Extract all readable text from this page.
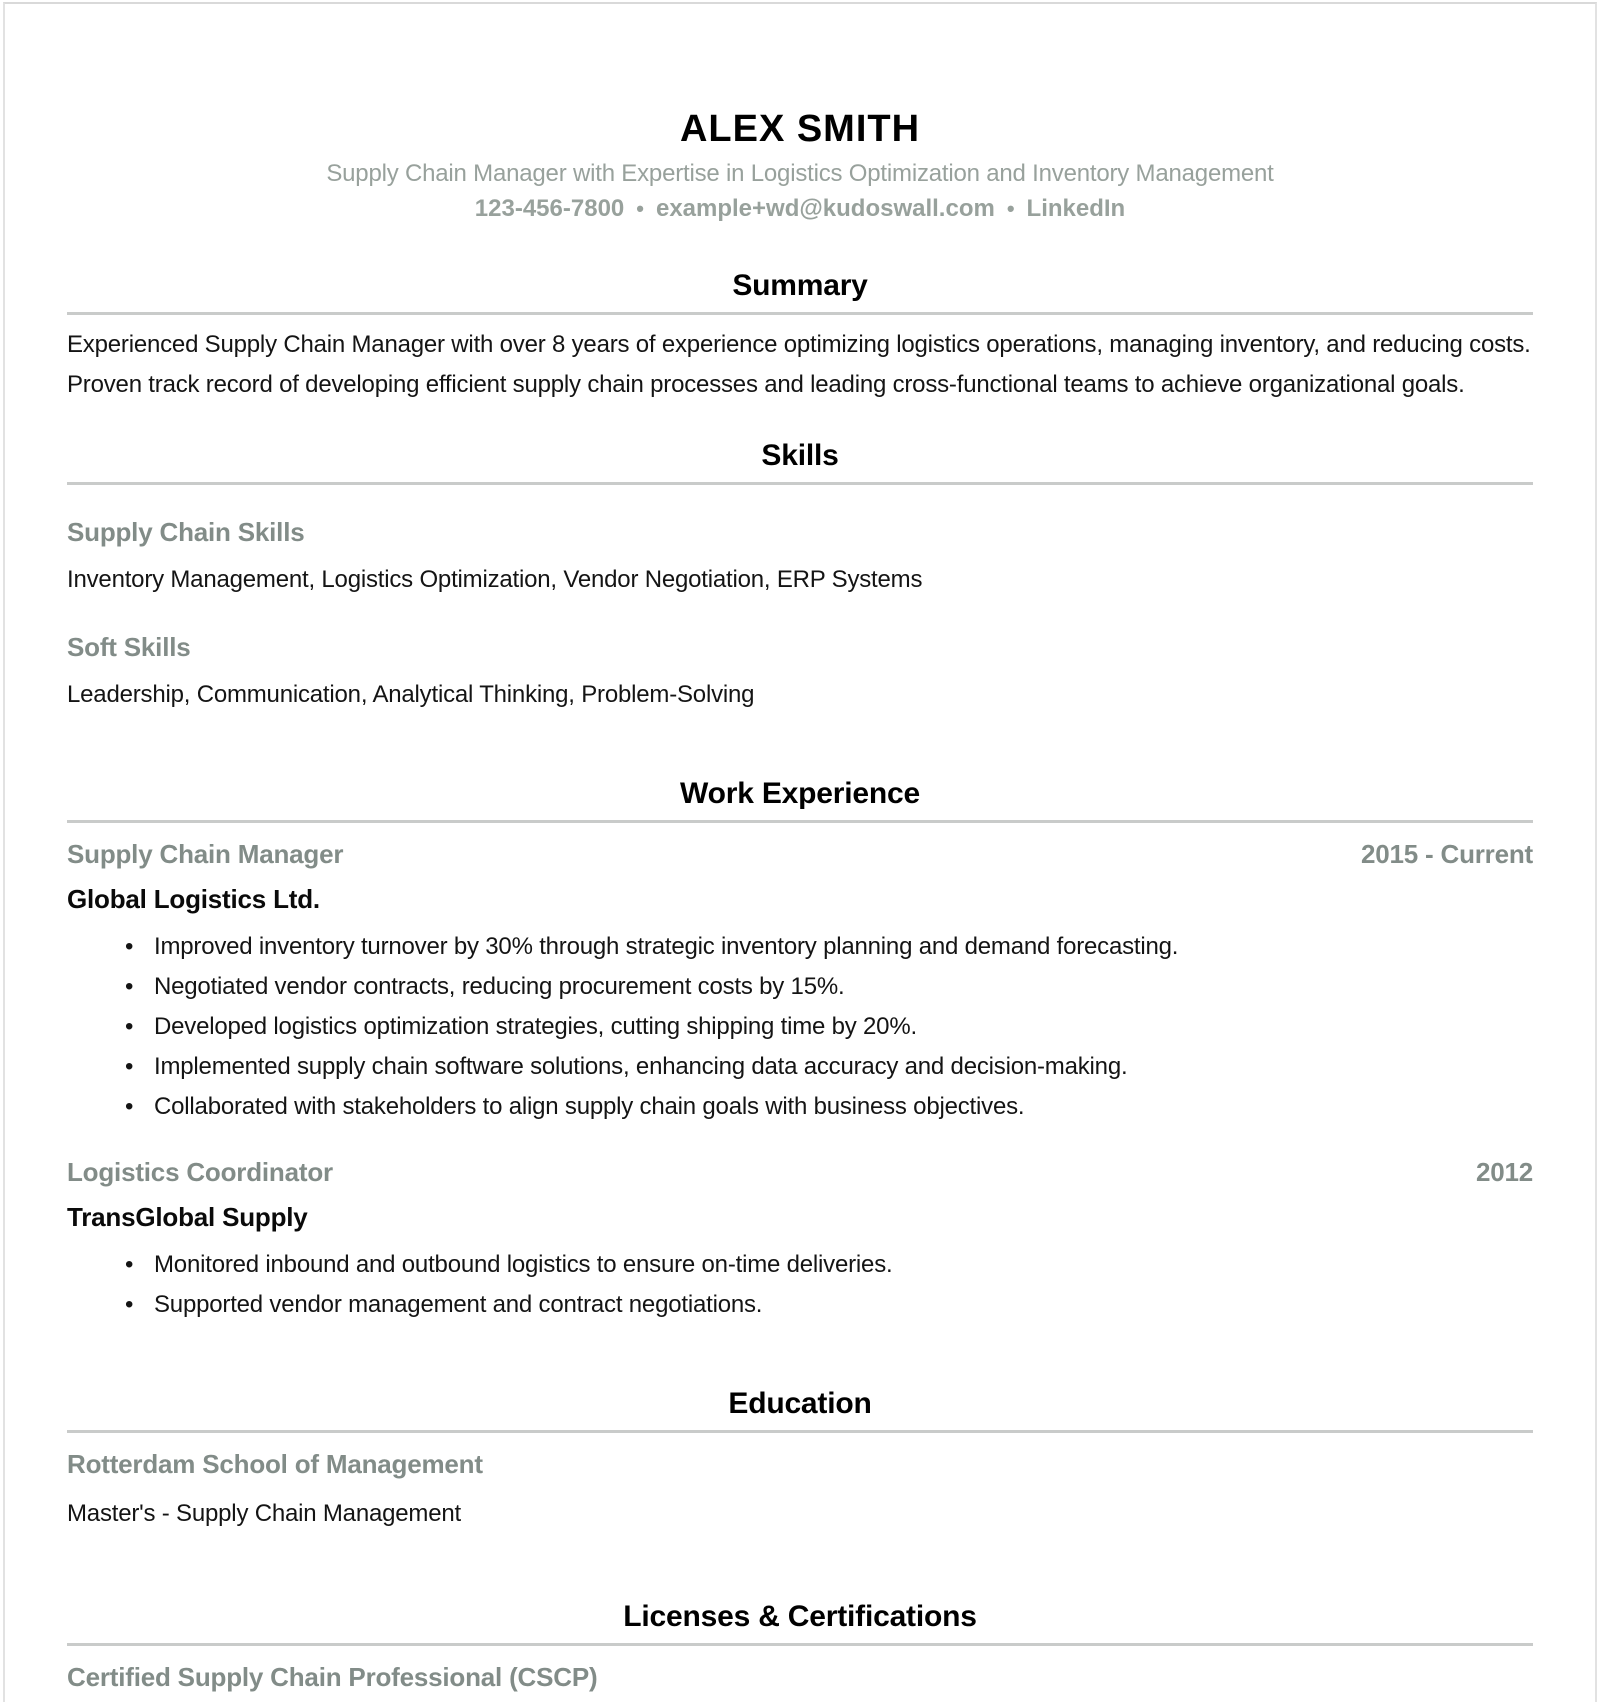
ALEX SMITH
Supply Chain Manager with Expertise in Logistics Optimization and Inventory Management
123-456-7800 • example+wd@kudoswall.com • LinkedIn
Summary
Experienced Supply Chain Manager with over 8 years of experience optimizing logistics operations, managing inventory, and reducing costs. Proven track record of developing efficient supply chain processes and leading cross-functional teams to achieve organizational goals.
Skills
Supply Chain Skills
Inventory Management, Logistics Optimization, Vendor Negotiation, ERP Systems
Soft Skills
Leadership, Communication, Analytical Thinking, Problem-Solving
Work Experience
Supply Chain Manager	2015 - Current
Global Logistics Ltd.
• Improved inventory turnover by 30% through strategic inventory planning and demand forecasting.
• Negotiated vendor contracts, reducing procurement costs by 15%.
• Developed logistics optimization strategies, cutting shipping time by 20%.
• Implemented supply chain software solutions, enhancing data accuracy and decision-making.
• Collaborated with stakeholders to align supply chain goals with business objectives.
Logistics Coordinator	2012
TransGlobal Supply
• Monitored inbound and outbound logistics to ensure on-time deliveries.
• Supported vendor management and contract negotiations.
Education
Rotterdam School of Management
Master's - Supply Chain Management
Licenses & Certifications
Certified Supply Chain Professional (CSCP)
